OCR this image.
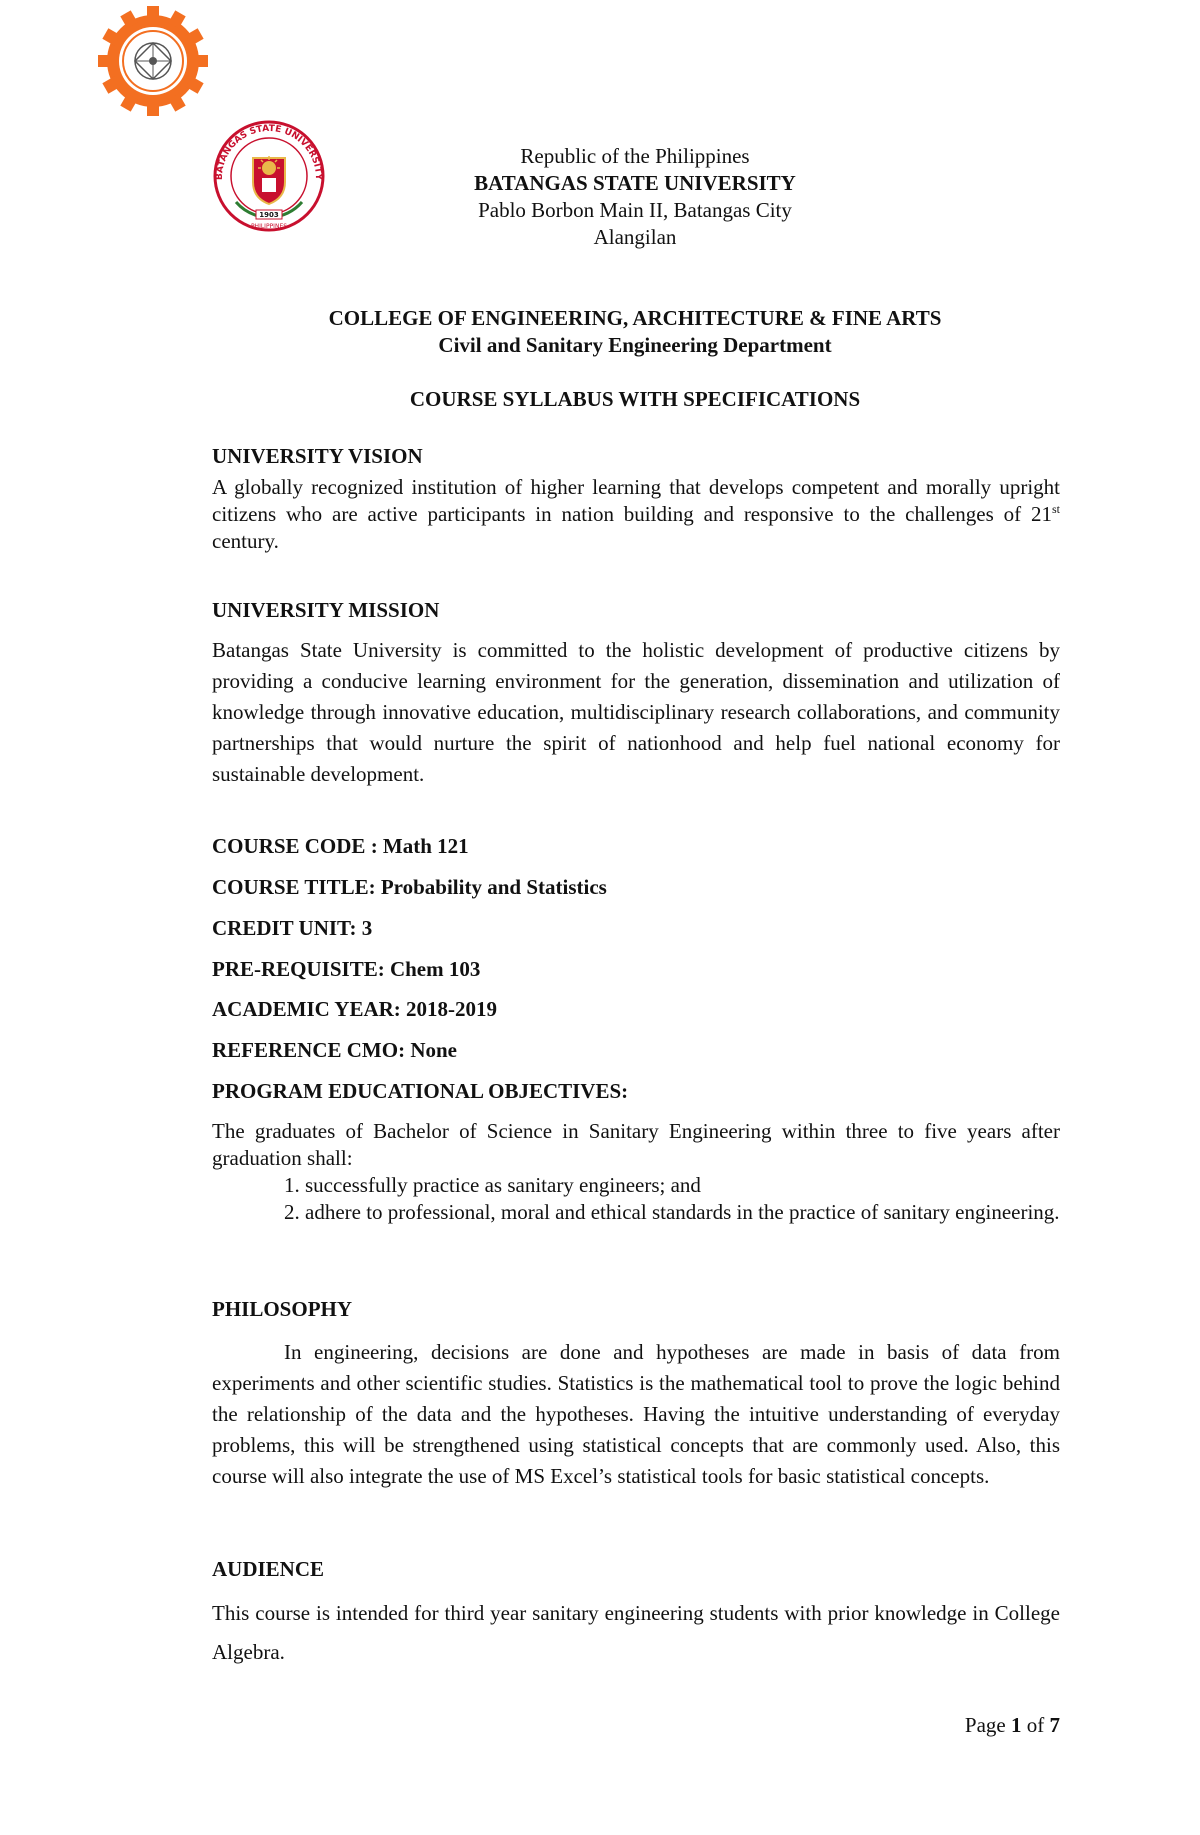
BATANGAS STATE UNIVERSITY
1903
PHILIPPINES
Republic of the Philippines
BATANGAS STATE UNIVERSITY
Pablo Borbon Main II, Batangas City
Alangilan
COLLEGE OF ENGINEERING, ARCHITECTURE & FINE ARTS
Civil and Sanitary Engineering Department
COURSE SYLLABUS WITH SPECIFICATIONS
UNIVERSITY VISION
A globally recognized institution of higher learning that develops competent and morally upright citizens who are active participants in nation building and responsive to the challenges of 21st century.
UNIVERSITY MISSION
Batangas State University is committed to the holistic development of productive citizens by providing a conducive learning environment for the generation, dissemination and utilization of knowledge through innovative education, multidisciplinary research collaborations, and community partnerships that would nurture the spirit of nationhood and help fuel national economy for sustainable development.
COURSE CODE : Math 121
COURSE TITLE: Probability and Statistics
CREDIT UNIT: 3
PRE-REQUISITE: Chem 103
ACADEMIC YEAR: 2018-2019
REFERENCE CMO: None
PROGRAM EDUCATIONAL OBJECTIVES:
The graduates of Bachelor of Science in Sanitary Engineering within three to five years after graduation shall:
1. successfully practice as sanitary engineers; and
2. adhere to professional, moral and ethical standards in the practice of sanitary engineering.
PHILOSOPHY
In engineering, decisions are done and hypotheses are made in basis of data from experiments and other scientific studies. Statistics is the mathematical tool to prove the logic behind the relationship of the data and the hypotheses. Having the intuitive understanding of everyday problems, this will be strengthened using statistical concepts that are commonly used. Also, this course will also integrate the use of MS Excel’s statistical tools for basic statistical concepts.
AUDIENCE
This course is intended for third year sanitary engineering students with prior knowledge in College Algebra.
Page 1 of 7
